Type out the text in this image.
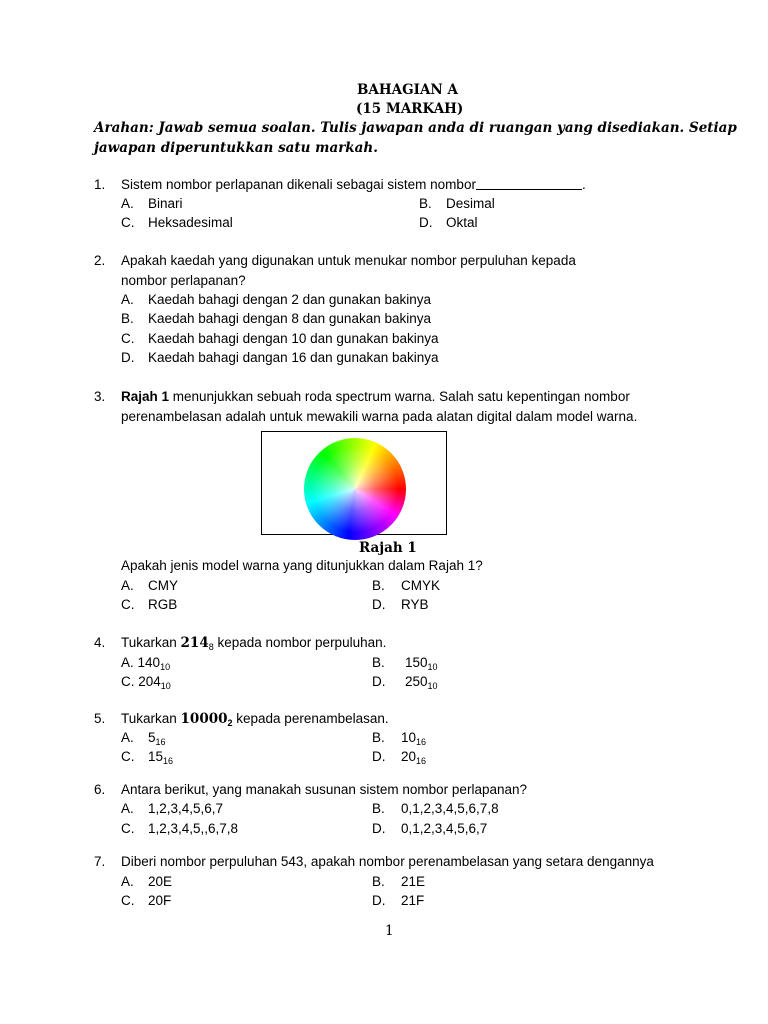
BAHAGIAN A
(15 MARKAH)
Arahan: Jawab semua soalan. Tulis jawapan anda di ruangan yang disediakan. Setiap
jawapan diperuntukkan satu markah.
1. Sistem nombor perlapanan dikenali sebagai sistem nombor	.
A. Binari	B. Desimal
C. Heksadesimal	D. Oktal
2. Apakah kaedah yang digunakan untuk menukar nombor perpuluhan kepada
nombor perlapanan?
A. Kaedah bahagi dengan 2 dan gunakan bakinya
B. Kaedah bahagi dengan 8 dan gunakan bakinya
C. Kaedah bahagi dengan 10 dan gunakan bakinya
D. Kaedah bahagi dangan 16 dan gunakan bakinya
3. Rajah 1 menunjukkan sebuah roda spectrum warna. Salah satu kepentingan nombor
perenambelasan adalah untuk mewakili warna pada alatan digital dalam model warna.
Rajah 1
Apakah jenis model warna yang ditunjukkan dalam Rajah 1?
A. CMY	B. CMYK
C. RGB	D. RYB
4. Tukarkan $214_8$ kepada nombor perpuluhan.
A. $140_{10}$	B. $150_{10}$
C. $204_{10}$	D. $250_{10}$
5. Tukarkan $10000_2$ kepada perenambelasan.
A. $5_{16}$	B. $10_{16}$
C. $15_{16}$	D. $20_{16}$
6. Antara berikut, yang manakah susunan sistem nombor perlapanan?
A. 1,2,3,4,5,6,7	B. 0,1,2,3,4,5,6,7,8
C. 1,2,3,4,5,,6,7,8	D. 0,1,2,3,4,5,6,7
7. Diberi nombor perpuluhan 543, apakah nombor perenambelasan yang setara dengannya
A. 20E	B. 21E
C. 20F	D. 21F
1
